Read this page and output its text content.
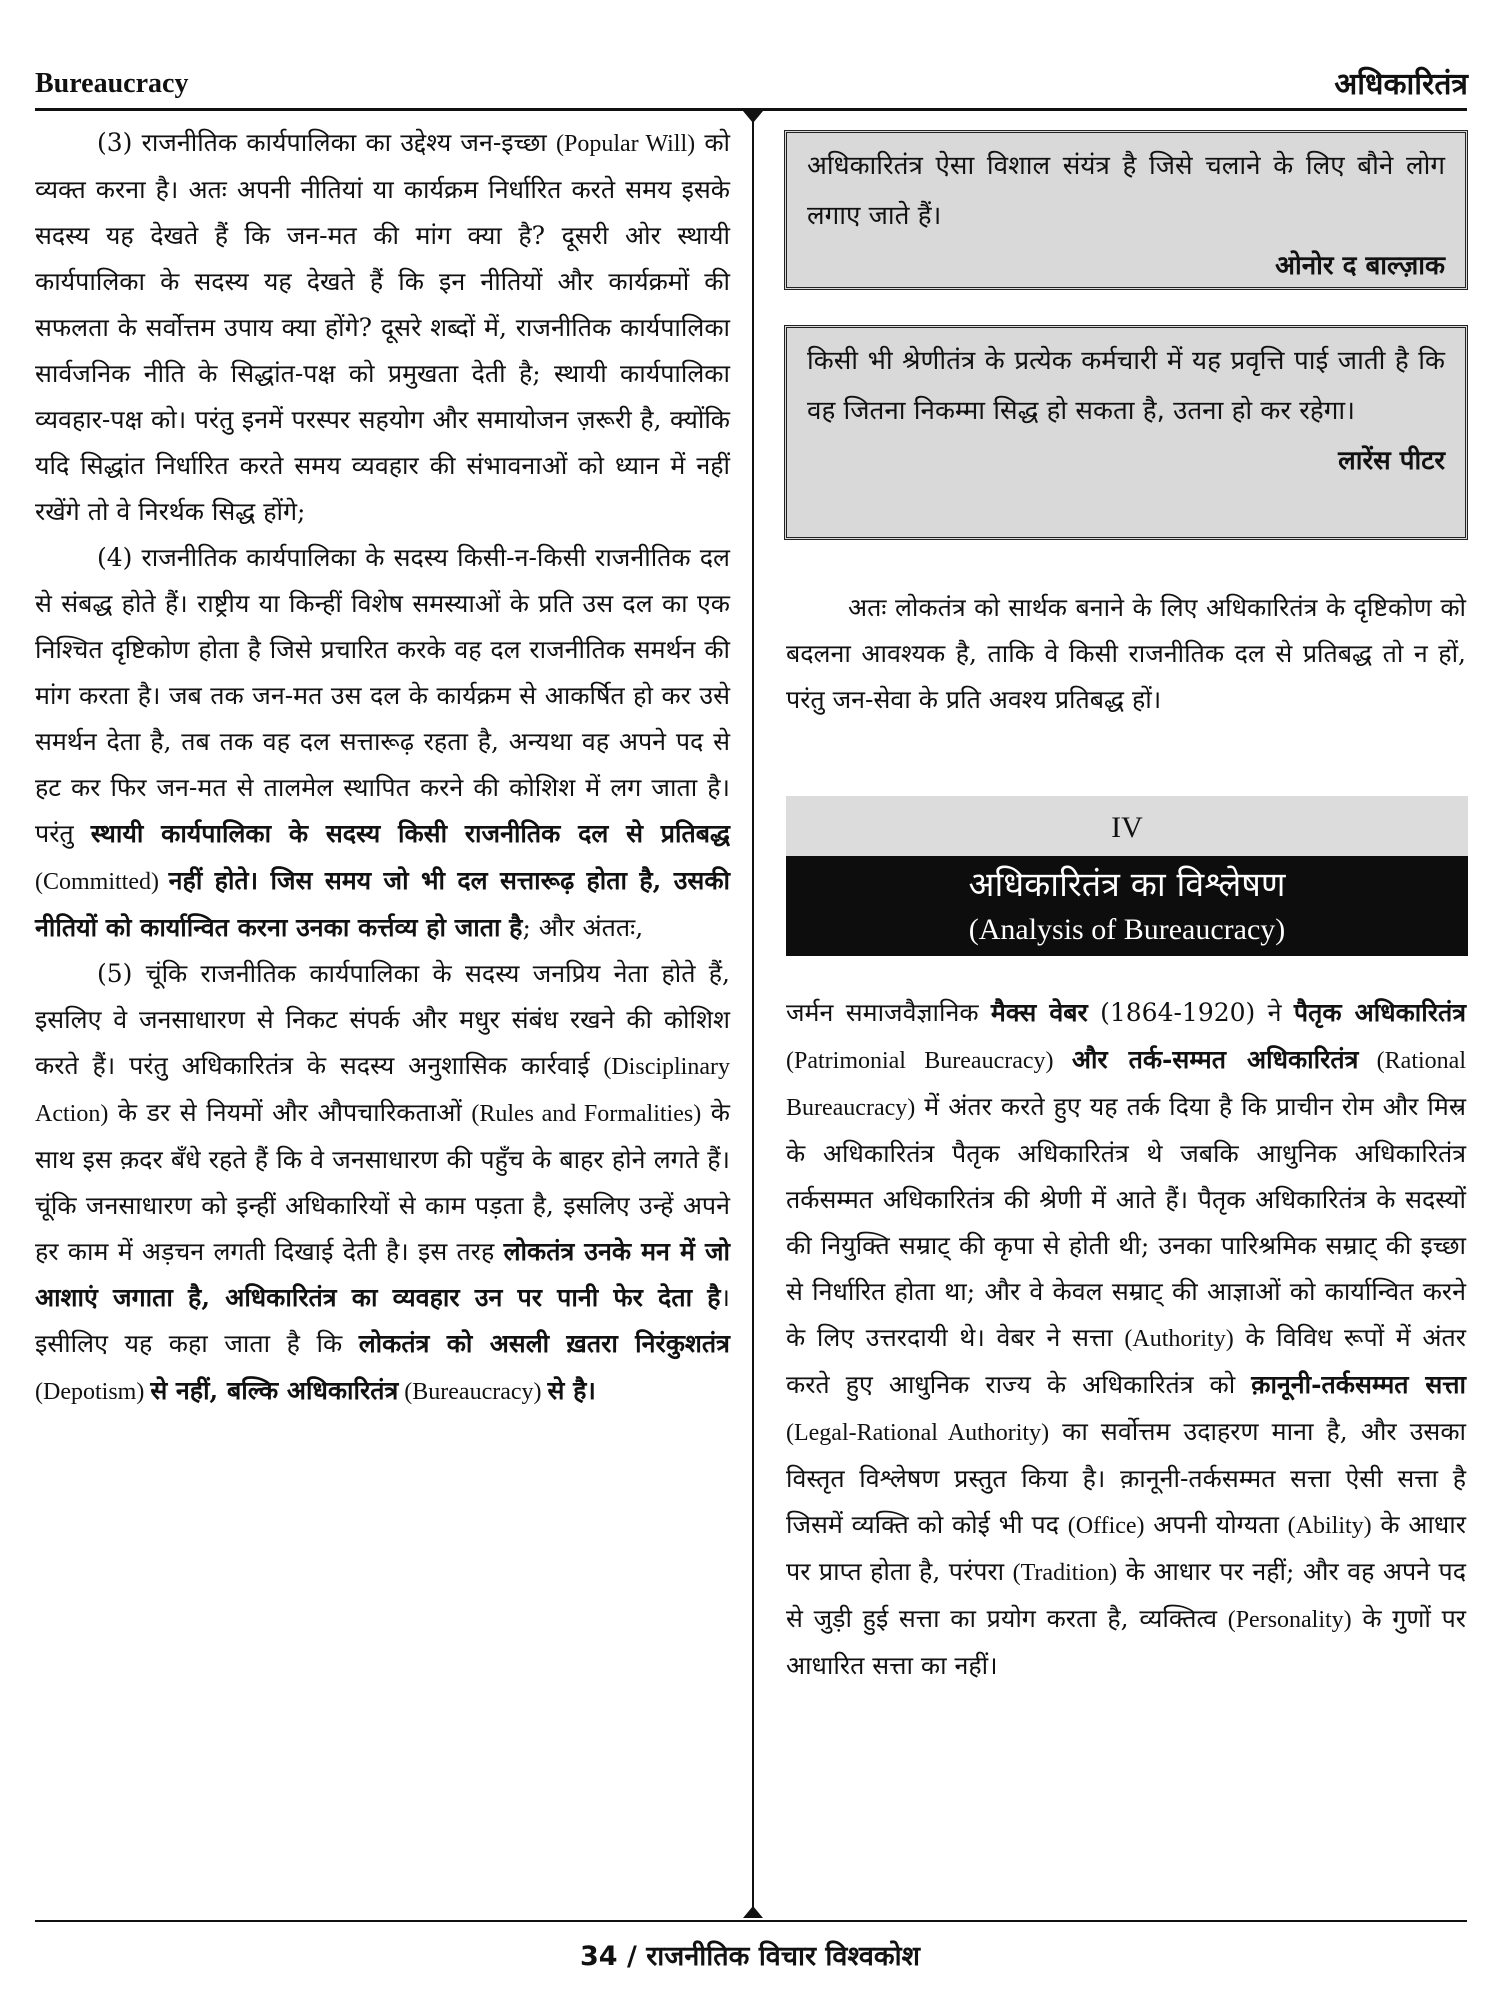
Bureaucracy	अधिकारितंत्र

(3) राजनीतिक कार्यपालिका का उद्देश्य जन-इच्छा (Popular Will) को व्यक्त करना है। अतः अपनी नीतियां या कार्यक्रम निर्धारित करते समय इसके सदस्य यह देखते हैं कि जन-मत की मांग क्या है? दूसरी ओर स्थायी कार्यपालिका के सदस्य यह देखते हैं कि इन नीतियों और कार्यक्रमों की सफलता के सर्वोत्तम उपाय क्या होंगे? दूसरे शब्दों में, राजनीतिक कार्यपालिका सार्वजनिक नीति के सिद्धांत-पक्ष को प्रमुखता देती है; स्थायी कार्यपालिका व्यवहार-पक्ष को। परंतु इनमें परस्पर सहयोग और समायोजन ज़रूरी है, क्योंकि यदि सिद्धांत निर्धारित करते समय व्यवहार की संभावनाओं को ध्यान में नहीं रखेंगे तो वे निरर्थक सिद्ध होंगे;

(4) राजनीतिक कार्यपालिका के सदस्य किसी-न-किसी राजनीतिक दल से संबद्ध होते हैं। राष्ट्रीय या किन्हीं विशेष समस्याओं के प्रति उस दल का एक निश्चित दृष्टिकोण होता है जिसे प्रचारित करके वह दल राजनीतिक समर्थन की मांग करता है। जब तक जन-मत उस दल के कार्यक्रम से आकर्षित हो कर उसे समर्थन देता है, तब तक वह दल सत्तारूढ़ रहता है, अन्यथा वह अपने पद से हट कर फिर जन-मत से तालमेल स्थापित करने की कोशिश में लग जाता है। परंतु स्थायी कार्यपालिका के सदस्य किसी राजनीतिक दल से प्रतिबद्ध (Committed) नहीं होते। जिस समय जो भी दल सत्तारूढ़ होता है, उसकी नीतियों को कार्यान्वित करना उनका कर्त्तव्य हो जाता है; और अंततः,

(5) चूंकि राजनीतिक कार्यपालिका के सदस्य जनप्रिय नेता होते हैं, इसलिए वे जनसाधारण से निकट संपर्क और मधुर संबंध रखने की कोशिश करते हैं। परंतु अधिकारितंत्र के सदस्य अनुशासिक कार्रवाई (Disciplinary Action) के डर से नियमों और औपचारिकताओं (Rules and Formalities) के साथ इस क़दर बँधे रहते हैं कि वे जनसाधारण की पहुँच के बाहर होने लगते हैं। चूंकि जनसाधारण को इन्हीं अधिकारियों से काम पड़ता है, इसलिए उन्हें अपने हर काम में अड़चन लगती दिखाई देती है। इस तरह लोकतंत्र उनके मन में जो आशाएं जगाता है, अधिकारितंत्र का व्यवहार उन पर पानी फेर देता है। इसीलिए यह कहा जाता है कि लोकतंत्र को असली ख़तरा निरंकुशतंत्र (Depotism) से नहीं, बल्कि अधिकारितंत्र (Bureaucracy) से है।

अधिकारितंत्र ऐसा विशाल संयंत्र है जिसे चलाने के लिए बौने लोग लगाए जाते हैं।
ओनोर द बाल्ज़ाक
किसी भी श्रेणीतंत्र के प्रत्येक कर्मचारी में यह प्रवृत्ति पाई जाती है कि वह जितना निकम्मा सिद्ध हो सकता है, उतना हो कर रहेगा।
लारेंस पीटर

अतः लोकतंत्र को सार्थक बनाने के लिए अधिकारितंत्र के दृष्टिकोण को बदलना आवश्यक है, ताकि वे किसी राजनीतिक दल से प्रतिबद्ध तो न हों, परंतु जन-सेवा के प्रति अवश्य प्रतिबद्ध हों।

IV
अधिकारितंत्र का विश्लेषण
(Analysis of Bureaucracy)

जर्मन समाजवैज्ञानिक मैक्स वेबर (1864-1920) ने पैतृक अधिकारितंत्र (Patrimonial Bureaucracy) और तर्क-सम्मत अधिकारितंत्र (Rational Bureaucracy) में अंतर करते हुए यह तर्क दिया है कि प्राचीन रोम और मिस्र के अधिकारितंत्र पैतृक अधिकारितंत्र थे जबकि आधुनिक अधिकारितंत्र तर्कसम्मत अधिकारितंत्र की श्रेणी में आते हैं। पैतृक अधिकारितंत्र के सदस्यों की नियुक्ति सम्राट् की कृपा से होती थी; उनका पारिश्रमिक सम्राट् की इच्छा से निर्धारित होता था; और वे केवल सम्राट् की आज्ञाओं को कार्यान्वित करने के लिए उत्तरदायी थे। वेबर ने सत्ता (Authority) के विविध रूपों में अंतर करते हुए आधुनिक राज्य के अधिकारितंत्र को क़ानूनी-तर्कसम्मत सत्ता (Legal-Rational Authority) का सर्वोत्तम उदाहरण माना है, और उसका विस्तृत विश्लेषण प्रस्तुत किया है। क़ानूनी-तर्कसम्मत सत्ता ऐसी सत्ता है जिसमें व्यक्ति को कोई भी पद (Office) अपनी योग्यता (Ability) के आधार पर प्राप्त होता है, परंपरा (Tradition) के आधार पर नहीं; और वह अपने पद से जुड़ी हुई सत्ता का प्रयोग करता है, व्यक्तित्व (Personality) के गुणों पर आधारित सत्ता का नहीं।

34 / राजनीतिक विचार विश्वकोश
